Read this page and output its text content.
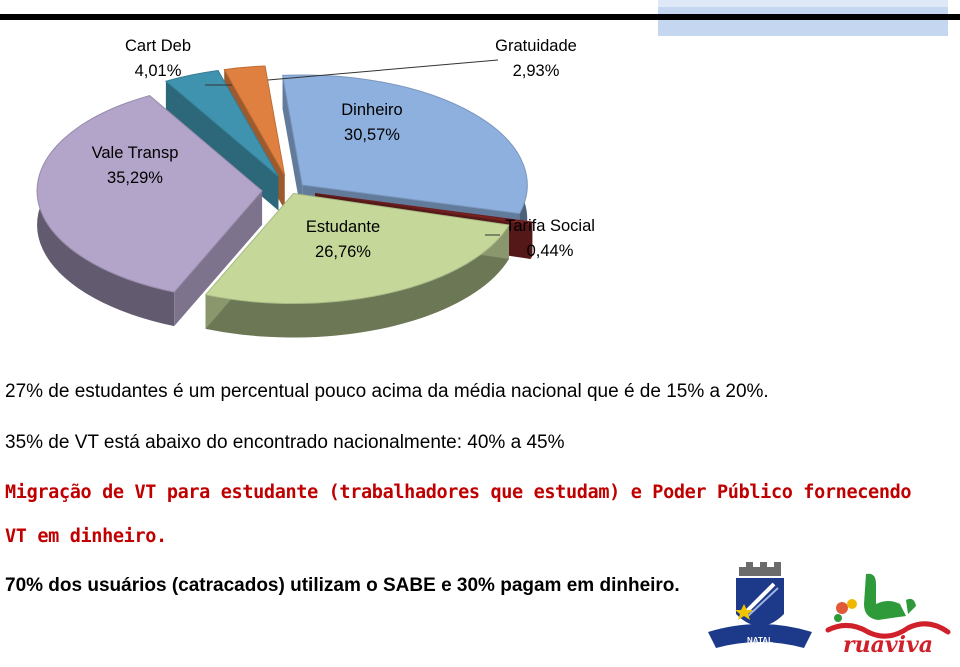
Dinheiro
30,57%
Tarifa Social
0,44%
Estudante
26,76%
Vale Transp
35,29%
Cart Deb
4,01%
Gratuidade
2,93%
27% de estudantes é um percentual pouco acima da média nacional que é de 15% a 20%.
35% de VT está abaixo do encontrado nacionalmente: 40% a 45%
Migração de VT para estudante (trabalhadores que estudam) e Poder Público fornecendo
VT em dinheiro.
70% dos usuários (catracados) utilizam o SABE e 30% pagam em dinheiro.
NATAL	ruaviva
